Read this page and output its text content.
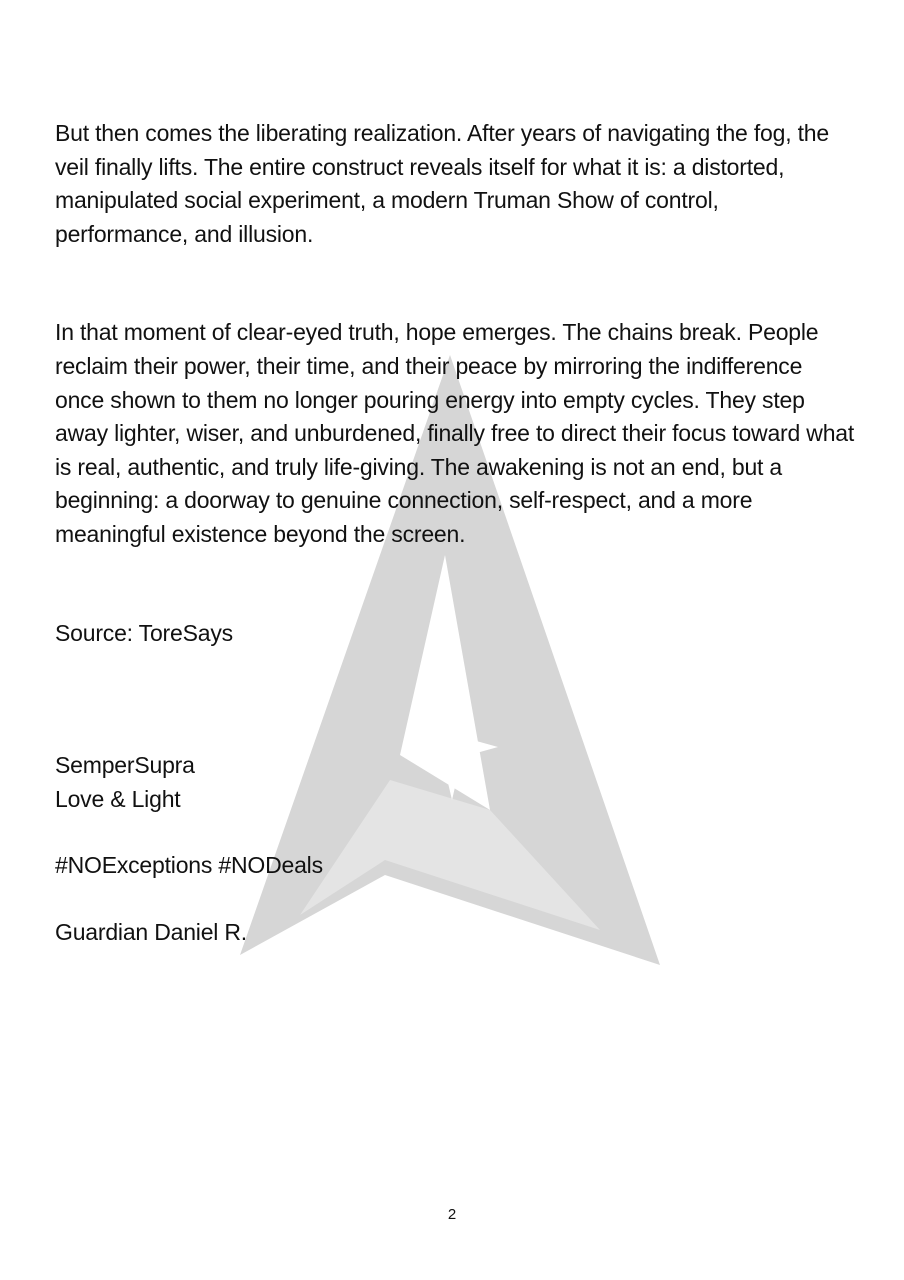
But then comes the liberating realization. After years of navigating the fog, the veil finally lifts. The entire construct reveals itself for what it is: a distorted, manipulated social experiment, a modern Truman Show of control, performance, and illusion.

In that moment of clear-eyed truth, hope emerges. The chains break. People reclaim their power, their time, and their peace by mirroring the indifference once shown to them no longer pouring energy into empty cycles. They step away lighter, wiser, and unburdened, finally free to direct their focus toward what is real, authentic, and truly life-giving. The awakening is not an end, but a beginning: a doorway to genuine connection, self-respect, and a more meaningful existence beyond the screen.

Source: ToreSays

SemperSupra

Love & Light

#NOExceptions #NODeals

Guardian Daniel R.

2
